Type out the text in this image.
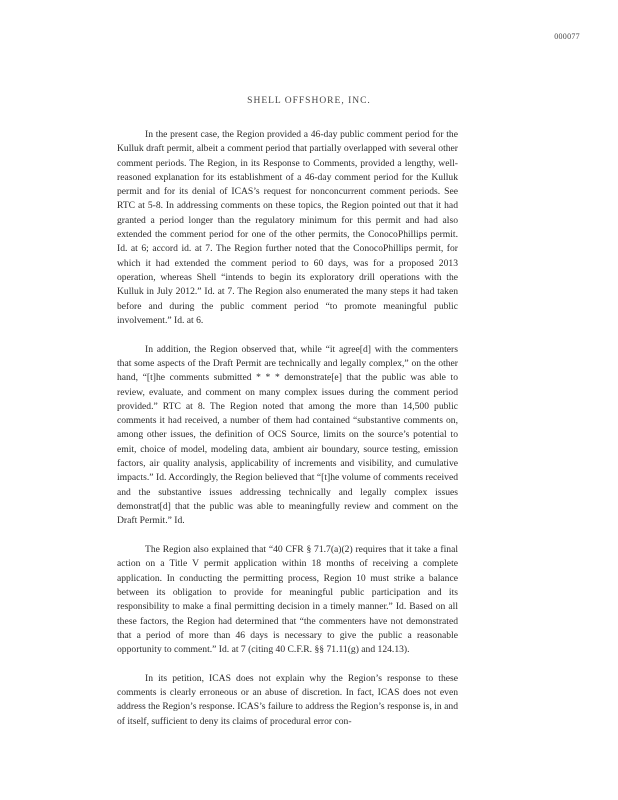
000077
SHELL OFFSHORE, INC.

In the present case, the Region provided a 46-day public comment period for the Kulluk draft permit, albeit a comment period that partially overlapped with several other comment periods. The Region, in its Response to Comments, provided a lengthy, well-reasoned explanation for its establishment of a 46-day comment period for the Kulluk permit and for its denial of ICAS’s request for nonconcurrent comment periods. See RTC at 5-8. In addressing comments on these topics, the Region pointed out that it had granted a period longer than the regulatory minimum for this permit and had also extended the comment period for one of the other permits, the ConocoPhillips permit. Id. at 6; accord id. at 7. The Region further noted that the ConocoPhillips permit, for which it had extended the comment period to 60 days, was for a proposed 2013 operation, whereas Shell “intends to begin its exploratory drill operations with the Kulluk in July 2012.” Id. at 7. The Region also enumerated the many steps it had taken before and during the public comment period “to promote meaningful public involvement.” Id. at 6.

In addition, the Region observed that, while “it agree[d] with the commenters that some aspects of the Draft Permit are technically and legally complex,” on the other hand, “[t]he comments submitted * * * demonstrate[e] that the public was able to review, evaluate, and comment on many complex issues during the comment period provided.” RTC at 8. The Region noted that among the more than 14,500 public comments it had received, a number of them had contained “substantive comments on, among other issues, the definition of OCS Source, limits on the source’s potential to emit, choice of model, modeling data, ambient air boundary, source testing, emission factors, air quality analysis, applicability of increments and visibility, and cumulative impacts.” Id. Accordingly, the Region believed that “[t]he volume of comments received and the substantive issues addressing technically and legally complex issues demonstrat[d] that the public was able to meaningfully review and comment on the Draft Permit.” Id.

The Region also explained that “40 CFR § 71.7(a)(2) requires that it take a final action on a Title V permit application within 18 months of receiving a complete application. In conducting the permitting process, Region 10 must strike a balance between its obligation to provide for meaningful public participation and its responsibility to make a final permitting decision in a timely manner.” Id. Based on all these factors, the Region had determined that “the commenters have not demonstrated that a period of more than 46 days is necessary to give the public a reasonable opportunity to comment.” Id. at 7 (citing 40 C.F.R. §§ 71.11(g) and 124.13).

In its petition, ICAS does not explain why the Region’s response to these comments is clearly erroneous or an abuse of discretion. In fact, ICAS does not even address the Region’s response. ICAS’s failure to address the Region’s response is, in and of itself, sufficient to deny its claims of procedural error con-
